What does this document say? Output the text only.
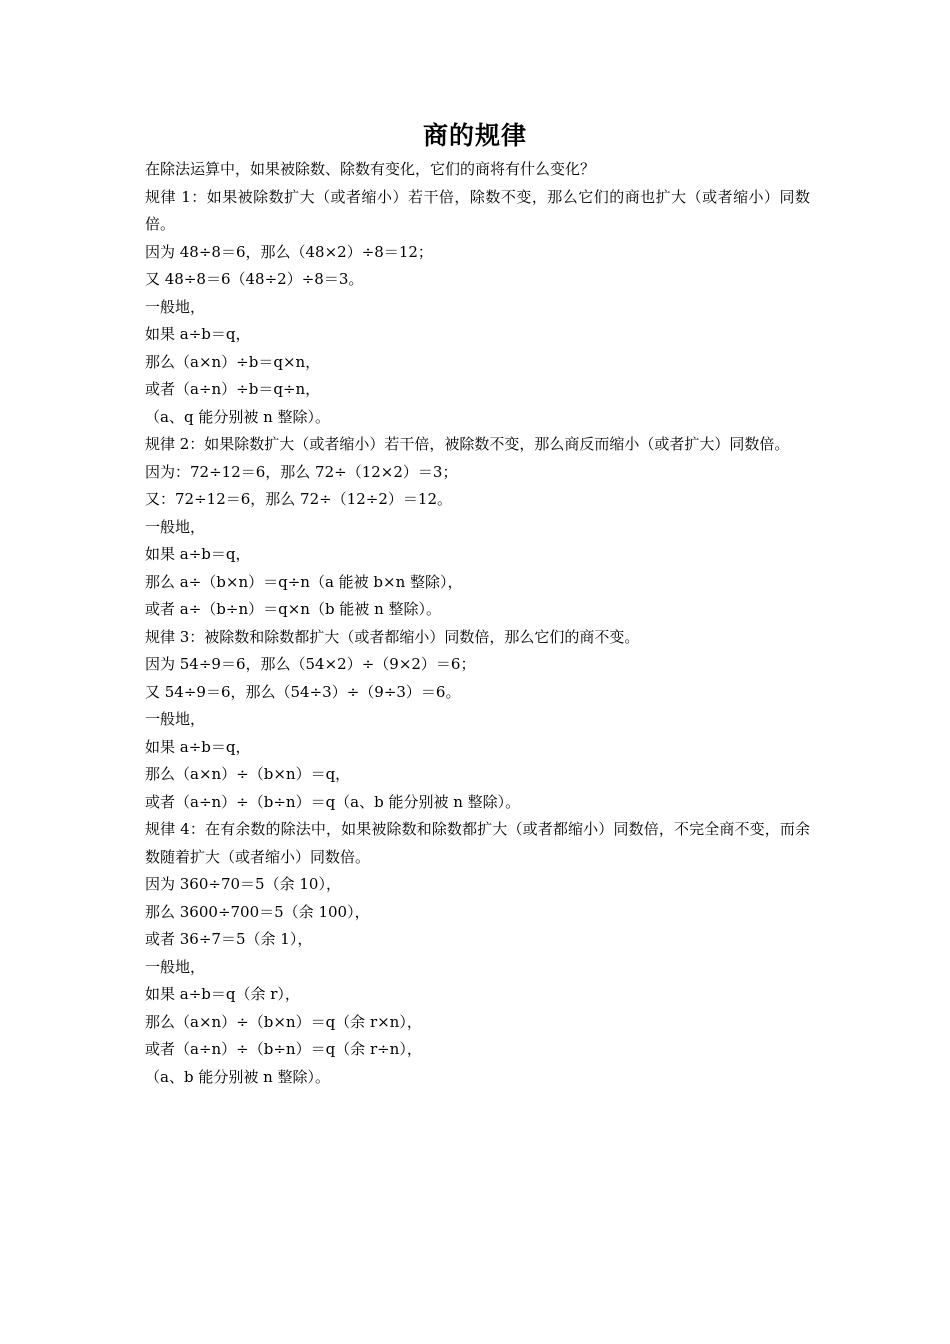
商的规律
在除法运算中，如果被除数、除数有变化，它们的商将有什么变化？
规律 1：如果被除数扩大（或者缩小）若干倍，除数不变，那么它们的商也扩大（或者缩小）同数倍。
因为 48÷8＝6，那么（48×2）÷8＝12；
又 48÷8＝6（48÷2）÷8＝3。
一般地，
如果 a÷b＝q，
那么（a×n）÷b＝q×n，
或者（a÷n）÷b＝q÷n，
（a、q 能分别被 n 整除）。
规律 2：如果除数扩大（或者缩小）若干倍，被除数不变，那么商反而缩小（或者扩大）同数倍。
因为：72÷12＝6，那么 72÷（12×2）＝3；
又：72÷12＝6，那么 72÷（12÷2）＝12。
一般地，
如果 a÷b＝q，
那么 a÷（b×n）＝q÷n（a 能被 b×n 整除），
或者 a÷（b÷n）＝q×n（b 能被 n 整除）。
规律 3：被除数和除数都扩大（或者都缩小）同数倍，那么它们的商不变。
因为 54÷9＝6，那么（54×2）÷（9×2）＝6；
又 54÷9＝6，那么（54÷3）÷（9÷3）＝6。
一般地，
如果 a÷b＝q，
那么（a×n）÷（b×n）＝q，
或者（a÷n）÷（b÷n）＝q（a、b 能分别被 n 整除）。
规律 4：在有余数的除法中，如果被除数和除数都扩大（或者都缩小）同数倍，不完全商不变，而余数随着扩大（或者缩小）同数倍。
因为 360÷70＝5（余 10），
那么 3600÷700＝5（余 100），
或者 36÷7＝5（余 1），
一般地，
如果 a÷b＝q（余 r），
那么（a×n）÷（b×n）＝q（余 r×n），
或者（a÷n）÷（b÷n）＝q（余 r÷n），
（a、b 能分别被 n 整除）。
